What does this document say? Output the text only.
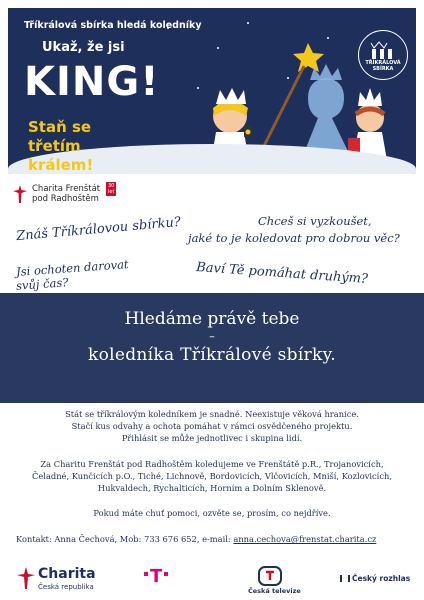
Tříkrálová sbírka hledá koledníky
Ukaž, že jsi
KING!
Staň se třetím
králem!
TŘÍKRÁLOVÁ SBÍRKA
Charita Frenštát
pod Radhoštěm
30 let
Znáš Tříkrálovou sbírku?	Chceš si vyzkoušet,
jaké to je koledovat pro dobrou věc?
Jsi ochoten darovat
svůj čas?	Baví Tě pomáhat druhým?
Hledáme právě tebe
–
koledníka Tříkrálové sbírky.
Stát se tříkrálovým koledníkem je snadné. Neexistuje věková hranice.
Stačí kus odvahy a ochota pomáhat v rámci osvědčeného projektu.
Přihlásit se může jednotlivec i skupina lidí.
Za Charitu Frenštát pod Radhoštěm koledujeme ve Frenštátě p.R., Trojanovicích,
Čeladné, Kunčicích p.O., Tiché, Lichnově, Bordovicích, Vlčovicích, Mniší, Kozlovicích,
Hukvaldech, Rychalticích, Horním a Dolním Sklenově.
Pokud máte chuť pomoci, ozvěte se, prosím, co nejdříve.
Kontakt: Anna Čechová, Mob: 733 676 652, e-mail: anna.cechova@frenstat.charita.cz
Charita
Česká republika	T
Česká televize
Český rozhlas
